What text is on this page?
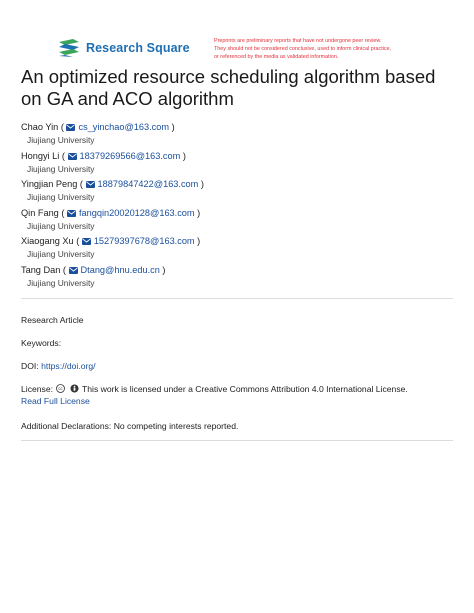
Research Square	Preprints are preliminary reports that have not undergone peer review.
They should not be considered conclusive, used to inform clinical practice,
or referenced by the media as validated information.
An optimized resource scheduling algorithm based on GA and ACO algorithm
Chao Yin ( cs_yinchao@163.com )
Jiujiang University
Hongyi Li ( 18379269566@163.com )
Jiujiang University
Yingjian Peng ( 18879847422@163.com )
Jiujiang University
Qin Fang ( fangqin20020128@163.com )
Jiujiang University
Xiaogang Xu ( 15279397678@163.com )
Jiujiang University
Tang Dan ( Dtang@hnu.edu.cn )
Jiujiang University
Research Article
Keywords:
DOI: https://doi.org/
License: cc This work is licensed under a Creative Commons Attribution 4.0 International License.
Read Full License
Additional Declarations: No competing interests reported.
